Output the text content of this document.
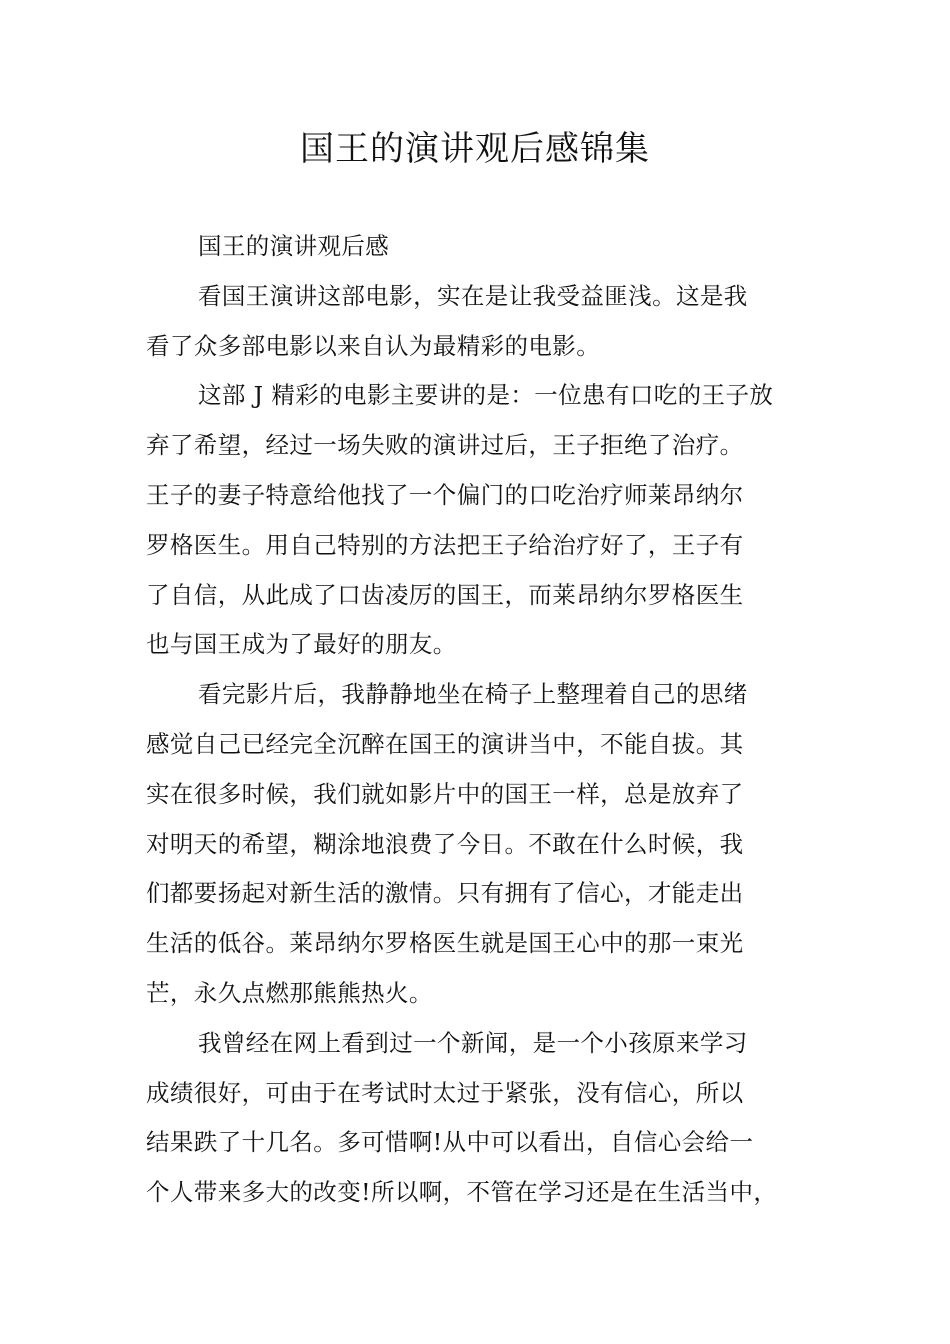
国王的演讲观后感锦集

国王的演讲观后感

看国王演讲这部电影，实在是让我受益匪浅。这是我
看了众多部电影以来自认为最精彩的电影。

这部 J 精彩的电影主要讲的是：一位患有口吃的王子放
弃了希望，经过一场失败的演讲过后，王子拒绝了治疗。
王子的妻子特意给他找了一个偏门的口吃治疗师莱昂纳尔
罗格医生。用自己特别的方法把王子给治疗好了，王子有
了自信，从此成了口齿凌厉的国王，而莱昂纳尔罗格医生
也与国王成为了最好的朋友。

看完影片后，我静静地坐在椅子上整理着自己的思绪
感觉自己已经完全沉醉在国王的演讲当中，不能自拔。其
实在很多时候，我们就如影片中的国王一样，总是放弃了
对明天的希望，糊涂地浪费了今日。不敢在什么时候，我
们都要扬起对新生活的激情。只有拥有了信心，才能走出
生活的低谷。莱昂纳尔罗格医生就是国王心中的那一束光
芒，永久点燃那熊熊热火。

我曾经在网上看到过一个新闻，是一个小孩原来学习
成绩很好，可由于在考试时太过于紧张，没有信心，所以
结果跌了十几名。多可惜啊!从中可以看出，自信心会给一
个人带来多大的改变!所以啊，不管在学习还是在生活当中，
